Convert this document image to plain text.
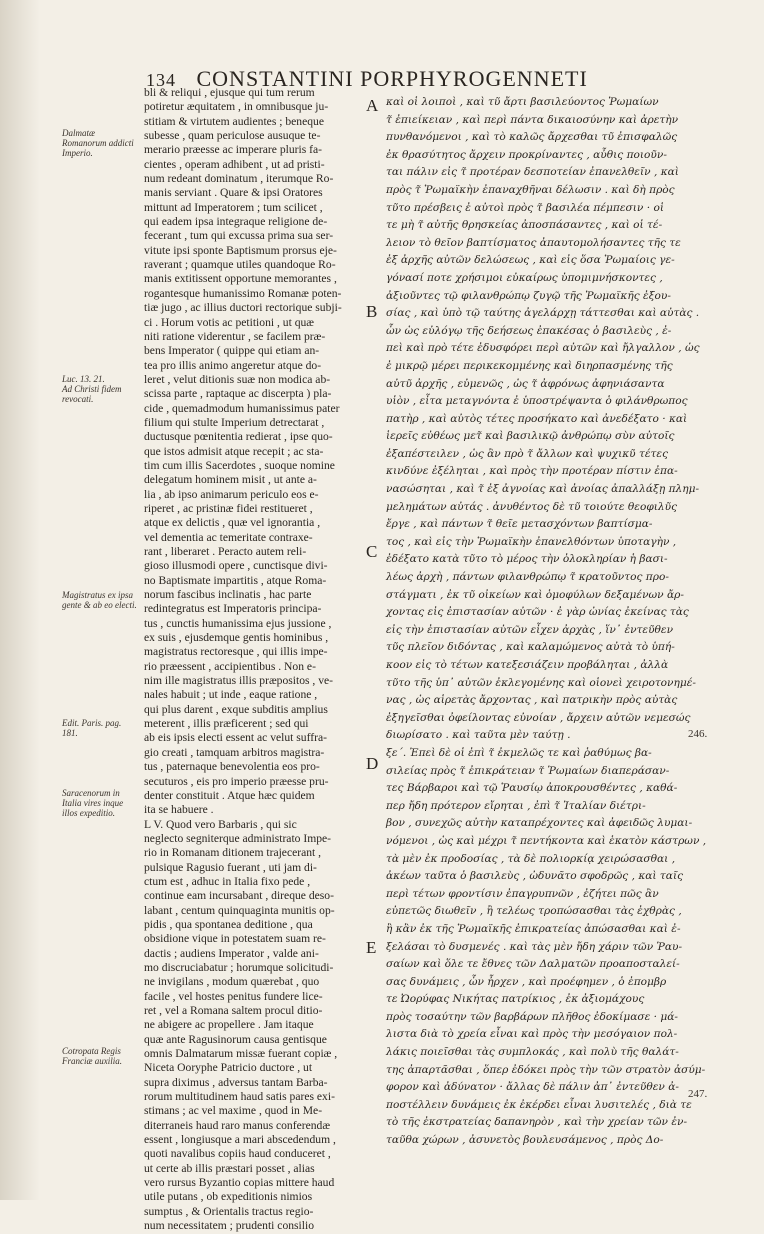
134 CONSTANTINI PORPHYROGENNETI
Dalmatæ Romanorum addicti Imperio.
Luc. 13. 21.
Ad Christi fidem revocati.
Magistratus ex ipsa gente & ab eo electi.
Edit. Paris. pag. 181.
Saracenorum in Italia vires inque illos expeditio.
Cotropata Regis Franciæ auxilia.
A
B
C
D
E
246.
247.
bli & reliqui , ejusque qui tum rerum
potiretur æquitatem , in omnibusque ju-
stitiam & virtutem audientes ; beneque
subesse , quam periculose ausuque te-
merario præesse ac imperare pluris fa-
cientes , operam adhibent , ut ad pristi-
num redeant dominatum , iterumque Ro-
manis serviant . Quare & ipsi Oratores
mittunt ad Imperatorem ; tum scilicet ,
qui eadem ipsa integraque religione de-
fecerant , tum qui excussa prima sua ser-
vitute ipsi sponte Baptismum prorsus eje-
raverant ; quamque utiles quandoque Ro-
manis extitissent opportune memorantes ,
rogantesque humanissimo Romanæ poten-
tiæ jugo , ac illius ductori rectorique subji-
ci . Horum votis ac petitioni , ut quæ
niti ratione viderentur , se facilem præ-
bens Imperator ( quippe qui etiam an-
tea pro illis animo angeretur atque do-
leret , velut ditionis suæ non modica ab-
scissa parte , raptaque ac discerpta ) pla-
cide , quemadmodum humanissimus pater
filium qui stulte Imperium detrectarat ,
ductusque pœnitentia redierat , ipse quo-
que istos admisit atque recepit ; ac sta-
tim cum illis Sacerdotes , suoque nomine
delegatum hominem misit , ut ante a-
lia , ab ipso animarum periculo eos e-
riperet , ac pristinæ fidei restitueret ,
atque ex delictis , quæ vel ignorantia ,
vel dementia ac temeritate contraxe-
rant , liberaret . Peracto autem reli-
gioso illusmodi opere , cunctisque divi-
no Baptismate impartitis , atque Roma-
norum fascibus inclinatis , hac parte
redintegratus est Imperatoris principa-
tus , cunctis humanissima ejus jussione ,
ex suis , ejusdemque gentis hominibus ,
magistratus rectoresque , qui illis impe-
rio præessent , accipientibus . Non e-
nim ille magistratus illis præpositos , ve-
nales habuit ; ut inde , eaque ratione ,
qui plus darent , exque subditis amplius
meterent , illis præficerent ; sed qui
ab eis ipsis electi essent ac velut suffra-
gio creati , tamquam arbitros magistra-
tus , paternaque benevolentia eos pro-
secuturos , eis pro imperio præesse pru-
denter constituit . Atque hæc quidem
ita se habuere .
L V. Quod vero Barbaris , qui sic
neglecto segniterque administrato Impe-
rio in Romanam ditionem trajecerant ,
pulsique Ragusio fuerant , uti jam di-
ctum est , adhuc in Italia fixo pede ,
continue eam incursabant , direque deso-
labant , centum quinquaginta munitis op-
pidis , qua spontanea deditione , qua
obsidione vique in potestatem suam re-
dactis ; audiens Imperator , valde ani-
mo discruciabatur ; horumque solicitudi-
ne invigilans , modum quærebat , quo
facile , vel hostes penitus fundere lice-
ret , vel a Romana saltem procul ditio-
ne abigere ac propellere . Jam itaque
quæ ante Ragusinorum causa gentisque
omnis Dalmatarum missæ fuerant copiæ ,
Niceta Ooryphe Patricio ductore , ut
supra diximus , adversus tantam Barba-
rorum multitudinem haud satis pares exi-
stimans ; ac vel maxime , quod in Me-
diterraneis haud raro manus conferendæ
essent , longiusque a mari abscedendum ,
quoti navalibus copiis haud conduceret ,
ut certe ab illis præstari posset , alias
vero rursus Byzantio copias mittere haud
utile putans , ob expeditionis nimios
sumptus , & Orientalis tractus regio-
num necessitatem ; prudenti consilio
καὶ οἱ λοιποὶ , καὶ τῦ ἄρτι βασιλεύοντος Ῥωμαίων
τ̃ ἐπιείκειαν , καὶ περὶ πάντα δικαιοσύνην καὶ ἀρετὴν
πυνθανόμενοι , καὶ τὸ καλῶς ἄρχεσθαι τῦ ἐπισφαλῶς
ἐκ θρασύτητος ἄρχειν προκρίναντες , αὖθις ποιοῦν-
ται πάλιν εἰς τ̃ προτέραν δεσποτείαν ἐπανελθεῖν , καὶ
πρὸς τ̃ Ῥωμαϊκὴν ἐπαναχθῆναι δέλωσιν . καὶ δὴ πρὸς
τῦτο πρέσβεις ἐ αὐτοὶ πρὸς τ̃ βασιλέα πέμπεσιν · οἱ
τε μὴ τ̃ αὐτῆς θρησκείας ἀποσπάσαντες , καὶ οἱ τέ-
λειον τὸ θεῖον βαπτίσματος ἀπαυτομολήσαντες τῆς τε
ἐξ ἀρχῆς αὐτῶν δελώσεως , καὶ εἰς ὅσα Ῥωμαίοις γε-
γόνασί ποτε χρήσιμοι εὐκαίρως ὑπομιμνήσκοντες ,
ἀξιοῦντες τῷ φιλανθρώπῳ ζυγῷ τῆς Ῥωμαϊκῆς ἐξου-
σίας , καὶ ὑπὸ τῷ ταύτης ἀγελάρχῃ τάττεσθαι καὶ αὐτὰς .
ὧν ὡς εὐλόγῳ τῆς δεήσεως ἐπακέσας ὁ βασιλεὺς , ἐ-
πεὶ καὶ πρὸ τέτε ἐδυσφόρει περὶ αὐτῶν καὶ ἤλγαλλον , ὡς
ἐ μικρῷ μέρει περικεκομμένης καὶ διηρπασμένης τῆς
αὐτῦ ἀρχῆς , εὐμενῶς , ὡς τ̃ ἀφρόνως ἀφηνιάσαντα
υἱὸν , εἶτα μεταγνόντα ἐ ὑποστρέψαντα ὁ φιλάνθρωπος
πατὴρ , καὶ αὐτὸς τέτες προσήκατο καὶ ἀνεδέξατο · καὶ
ἱερεῖς εὐθέως μετ̃ καὶ βασιλικῷ ἀνθρώπῳ σὺν αὐτοῖς
ἐξαπέστειλεν , ὡς ἂν πρὸ τ̃ ἄλλων καὶ ψυχικῦ τέτες
κινδύνε ἐξέληται , καὶ πρὸς τὴν προτέραν πίστιν ἐπα-
νασώσηται , καὶ τ̃ ἐξ ἀγνοίας καὶ ἀνοίας ἀπαλλάξῃ πλημ-
μελημάτων αὐτάς . ἀνυθέντος δὲ τῦ τοιούτε θεοφιλῦς
ἔργε , καὶ πάντων τ̃ θεῖε μετασχόντων βαπτίσμα-
τος , καὶ εἰς τὴν Ῥωμαϊκὴν ἐπανελθόντων ὑποταγὴν ,
ἐδέξατο κατὰ τῦτο τὸ μέρος τὴν ὁλοκληρίαν ἡ βασι-
λέως ἀρχὴ , πάντων φιλανθρώπῳ τ̃ κρατοῦντος προ-
στάγματι , ἐκ τῦ οἰκείων καὶ ὁμοφύλων δεξαμένων ἄρ-
χοντας εἰς ἐπιστασίαν αὐτῶν · ἐ γὰρ ὠνίας ἐκείνας τὰς
εἰς τὴν ἐπιστασίαν αὐτῶν εἶχεν ἀρχὰς , ἵν᾽ ἐντεῦθεν
τῦς πλεῖον διδόντας , καὶ καλαμώμενος αὐτὰ τὸ ὑπή-
κοον εἰς τὸ τέτων κατεξεσιάζειν προβάληται , ἀλλὰ
τῦτο τῆς ὑπ᾽ αὐτῶν ἐκλεγομένης καὶ οἱονεὶ χειροτονημέ-
νας , ὡς αἱρετὰς ἄρχοντας , καὶ πατρικὴν πρὸς αὐτὰς
ἐξηγεῖσθαι ὀφείλοντας εὐνοίαν , ἄρχειν αὐτῶν νεμεσώς
διωρίσατο . καὶ ταῦτα μὲν ταύτῃ .
ξε΄. Ἐπεὶ δὲ οἱ ἐπὶ τ̃ ἐκμελῶς τε καὶ ῥαθύμως βα-
σιλείας πρὸς τ̃ ἐπικράτειαν τ̃ Ῥωμαίων διαπεράσαν-
τες Βάρβαροι καὶ τῷ Ῥαυσίῳ ἀποκρουσθέντες , καθά-
περ ἤδη πρότερον εἴρηται , ἐπὶ τ̃ Ἰταλίαν διέτρι-
βον , συνεχῶς αὐτὴν καταπρέχοντες καὶ ἀφειδῶς λυμαι-
νόμενοι , ὡς καὶ μέχρι τ̃ πεντήκοντα καὶ ἑκατὸν κάστρων ,
τὰ μὲν ἐκ προδοσίας , τὰ δὲ πολιορκίᾳ χειρώσασθαι ,
ἀκέων ταῦτα ὁ βασιλεὺς , ὠδυνᾶτο σφοδρῶς , καὶ ταῖς
περὶ τέτων φροντίσιν ἐπαγρυπνῶν , ἐζήτει πῶς ἂν
εὐπετῶς διωθεῖν , ἢ τελέως τροπώσασθαι τὰς ἐχθρὰς ,
ἢ κἂν ἐκ τῆς Ῥωμαϊκῆς ἐπικρατείας ἀπώσασθαι καὶ ἐ-
ξελάσαι τὸ δυσμενές . καὶ τὰς μὲν ἤδη χάριν τῶν Ῥαυ-
σαίων καὶ ὅλε τε ἔθνες τῶν Δαλματῶν προαποσταλεί-
σας δυνάμεις , ὧν ἦρχεν , καὶ προέφημεν , ὁ ἐπομβρ
τε Ὠορύφας Νικήτας πατρίκιος , ἐκ ἀξιομάχους
πρὸς τοσαύτην τῶν βαρβάρων πλῆθος ἐδοκίμασε · μά-
λιστα διὰ τὸ χρεία εἶναι καὶ πρὸς τὴν μεσόγαιον πολ-
λάκις ποιεῖσθαι τὰς συμπλοκάς , καὶ πολὺ τῆς θαλάτ-
της ἀπαρτᾶσθαι , ὅπερ ἐδόκει πρὸς τὴν τῶν στρατὸν ἀσύμ-
φορον καὶ ἀδύνατον · ἄλλας δὲ πάλιν ἀπ᾽ ἐντεῦθεν ἀ-
ποστέλλειν δυνάμεις ἐκ ἐκέρδει εἶναι λυσιτελές , διὰ τε
τὸ τῆς ἐκστρατείας δαπανηρὸν , καὶ τὴν χρείαν τῶν ἐν-
ταῦθα χώρων , ἀσυνετὸς βουλευσάμενος , πρὸς Δο-
